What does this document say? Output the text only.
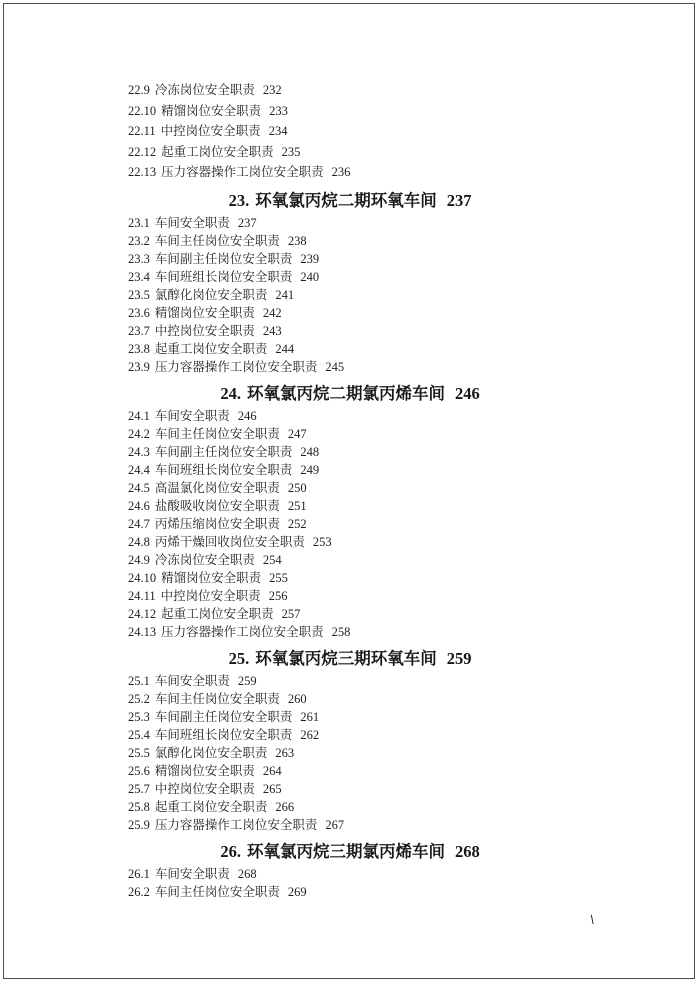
22.9 冷冻岗位安全职责 232
22.10 精馏岗位安全职责 233
22.11 中控岗位安全职责 234
22.12 起重工岗位安全职责 235
22.13 压力容器操作工岗位安全职责 236
23. 环氧氯丙烷二期环氧车间 237
23.1 车间安全职责 237
23.2 车间主任岗位安全职责 238
23.3 车间副主任岗位安全职责 239
23.4 车间班组长岗位安全职责 240
23.5 氯醇化岗位安全职责 241
23.6 精馏岗位安全职责 242
23.7 中控岗位安全职责 243
23.8 起重工岗位安全职责 244
23.9 压力容器操作工岗位安全职责 245
24. 环氧氯丙烷二期氯丙烯车间 246
24.1 车间安全职责 246
24.2 车间主任岗位安全职责 247
24.3 车间副主任岗位安全职责 248
24.4 车间班组长岗位安全职责 249
24.5 高温氯化岗位安全职责 250
24.6 盐酸吸收岗位安全职责 251
24.7 丙烯压缩岗位安全职责 252
24.8 丙烯干燥回收岗位安全职责 253
24.9 冷冻岗位安全职责 254
24.10 精馏岗位安全职责 255
24.11 中控岗位安全职责 256
24.12 起重工岗位安全职责 257
24.13 压力容器操作工岗位安全职责 258
25. 环氧氯丙烷三期环氧车间 259
25.1 车间安全职责 259
25.2 车间主任岗位安全职责 260
25.3 车间副主任岗位安全职责 261
25.4 车间班组长岗位安全职责 262
25.5 氯醇化岗位安全职责 263
25.6 精馏岗位安全职责 264
25.7 中控岗位安全职责 265
25.8 起重工岗位安全职责 266
25.9 压力容器操作工岗位安全职责 267
26. 环氧氯丙烷三期氯丙烯车间 268
26.1 车间安全职责 268
26.2 车间主任岗位安全职责 269
\
